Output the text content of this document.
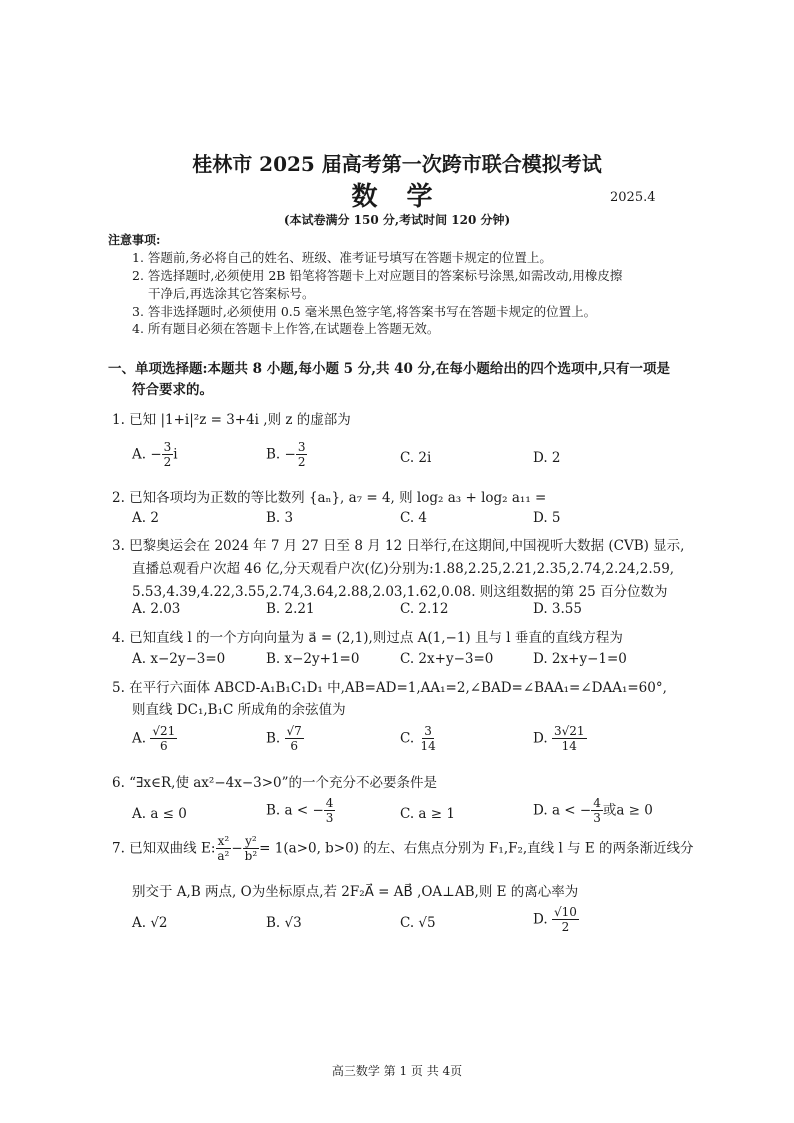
桂林市 2025 届高考第一次跨市联合模拟考试
数 学	2025.4
(本试卷满分 150 分,考试时间 120 分钟)
注意事项:
1. 答题前,务必将自己的姓名、班级、准考证号填写在答题卡规定的位置上。
2. 答选择题时,必须使用 2B 铅笔将答题卡上对应题目的答案标号涂黑,如需改动,用橡皮擦
干净后,再选涂其它答案标号。
3. 答非选择题时,必须使用 0.5 毫米黑色签字笔,将答案书写在答题卡规定的位置上。
4. 所有题目必须在答题卡上作答,在试题卷上答题无效。
一、单项选择题:本题共 8 小题,每小题 5 分,共 40 分,在每小题给出的四个选项中,只有一项是
符合要求的。
1. 已知 |1+i|²z = 3+4i ,则 z 的虚部为
A. − $\frac{3}{2}$ i	B. − $\frac{3}{2}$	C. 2i	D. 2
2. 已知各项均为正数的等比数列 {aₙ}, a₇ = 4, 则 log₂ a₃ + log₂ a₁₁ =
A. 2	B. 3	C. 4	D. 5
3. 巴黎奥运会在 2024 年 7 月 27 日至 8 月 12 日举行,在这期间,中国视听大数据 (CVB) 显示,
直播总观看户次超 46 亿,分天观看户次(亿)分别为:1.88,2.25,2.21,2.35,2.74,2.24,2.59,
5.53,4.39,4.22,3.55,2.74,3.64,2.88,2.03,1.62,0.08. 则这组数据的第 25 百分位数为
A. 2.03	B. 2.21	C. 2.12	D. 3.55
4. 已知直线 l 的一个方向向量为 a⃗ = (2,1),则过点 A(1,−1) 且与 l 垂直的直线方程为
A. x−2y−3=0	B. x−2y+1=0	C. 2x+y−3=0	D. 2x+y−1=0
5. 在平行六面体 ABCD-A₁B₁C₁D₁ 中,AB=AD=1,AA₁=2,∠BAD=∠BAA₁=∠DAA₁=60°,
则直线 DC₁,B₁C 所成角的余弦值为
A. $\frac{√21}{6}$	B. $\frac{√7}{6}$	C. $\frac{3}{14}$	D. $\frac{3√21}{14}$
6. “∃x∈R,使 ax²−4x−3>0”的一个充分不必要条件是
A. a ≤ 0	B. a < − $\frac{4}{3}$	C. a ≥ 1	D. a < − $\frac{4}{3}$ 或a ≥ 0
7. 已知双曲线 E: $\frac{\text{x²}}{\text{a²}} - \frac{\text{y²}}{\text{b²}} = 1(a>0$, b>0) 的左、右焦点分别为 F₁,F₂,直线 l 与 E 的两条渐近线分
别交于 A,B 两点, O为坐标原点,若 2F₂A⃗ = AB⃗ ,OA⊥AB,则 E 的离心率为
A. √2	B. √3	C. √5	D. $\frac{√10}{2}$
高三数学 第 1 页 共 4页
